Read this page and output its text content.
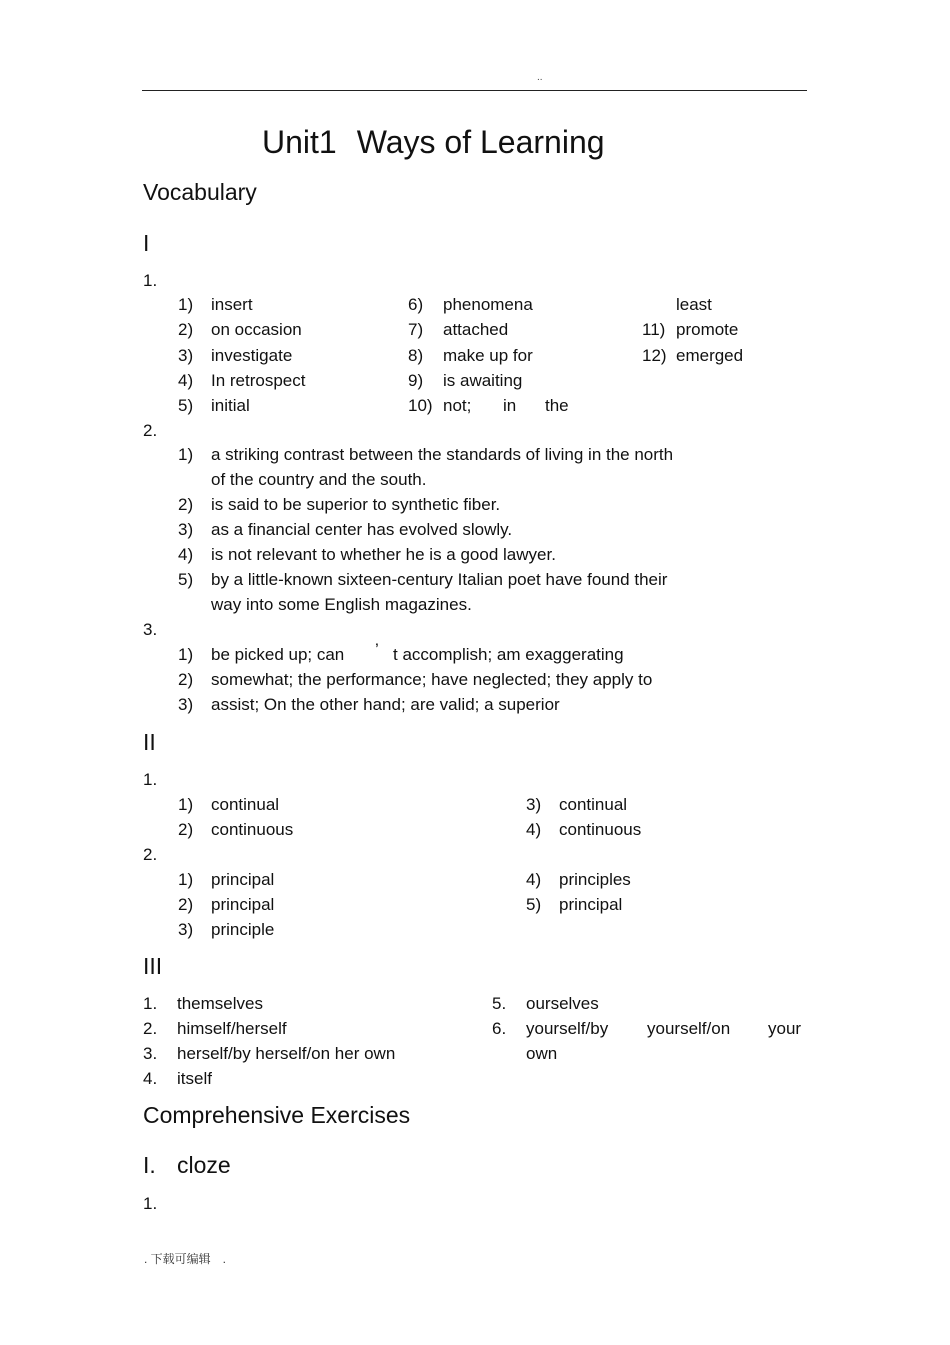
..
Unit1 Ways of Learning
Vocabulary
I
1.
1) insert
2) on occasion
3) investigate
4) In retrospect
5) initial
6) phenomena
7) attached
8) make up for
9) is awaiting
10) not; in the
least
11) promote
12) emerged
2.
1) a striking contrast between the standards of living in the north
of the country and the south.
2) is said to be superior to synthetic fiber.
3) as a financial center has evolved slowly.
4) is not relevant to whether he is a good lawyer.
5) by a little-known sixteen-century Italian poet have found their
way into some English magazines.
3.
1) be picked up; can ’ t accomplish; am exaggerating
2) somewhat; the performance; have neglected; they apply to
3) assist; On the other hand; are valid; a superior
II
1.
1) continual
2) continuous
3) continual
4) continuous
2.
1) principal
2) principal
3) principle
4) principles
5) principal
III
1. themselves
2. himself/herself
3. herself/by herself/on her own
4. itself
5. ourselves
6. yourself/by yourself/on your
own
Comprehensive Exercises
I. cloze
1.
. 下载可编辑　.
